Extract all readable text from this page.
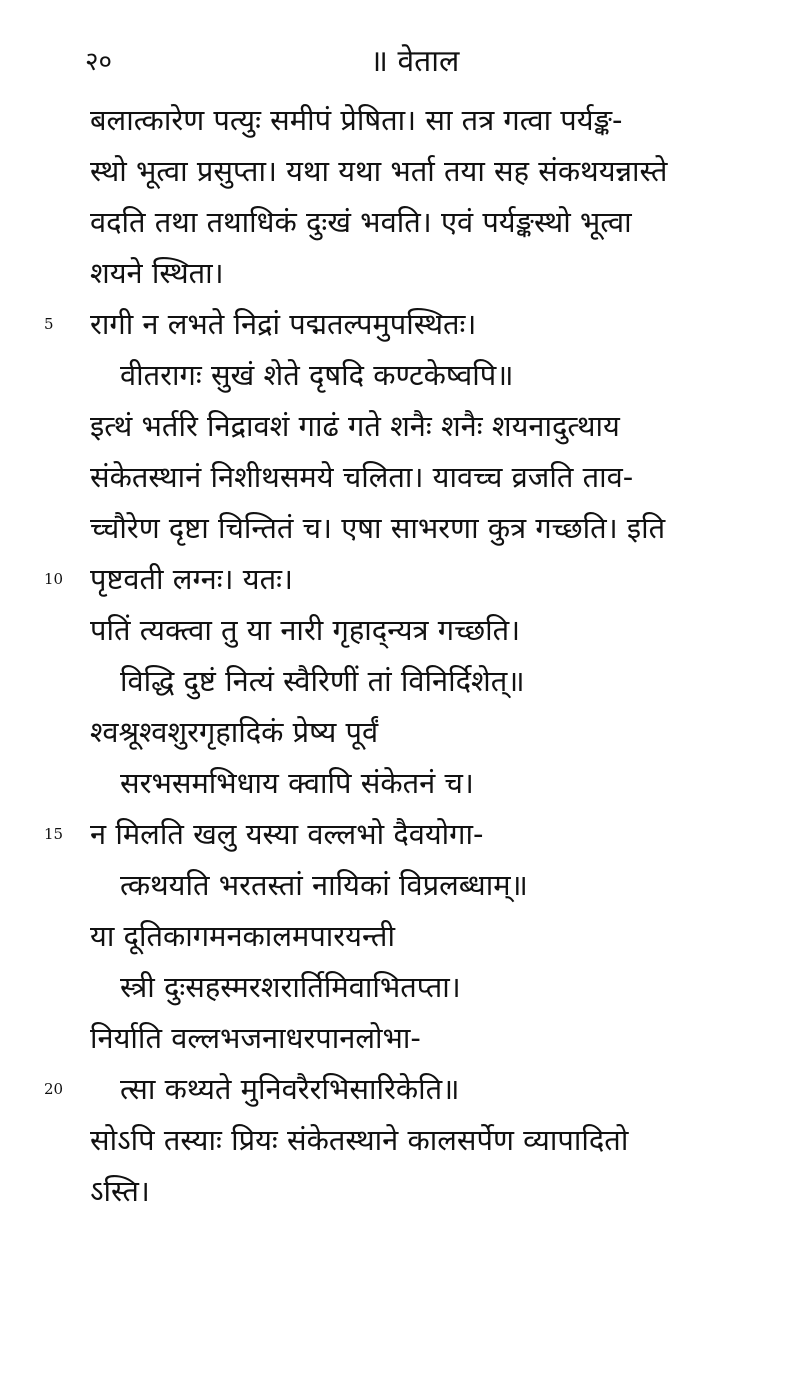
२०	॥ वेताल
बलात्कारेण पत्युः समीपं प्रेषिता। सा तत्र गत्वा पर्यङ्क-
स्थो भूत्वा प्रसुप्ता। यथा यथा भर्ता तया सह संकथयन्नास्ते
वदति तथा तथाधिकं दुःखं भवति। एवं पर्यङ्कस्थो भूत्वा
शयने स्थिता।
5 रागी न लभते निद्रां पद्मतल्पमुपस्थितः।
वीतरागः सुखं शेते दृषदि कण्टकेष्वपि॥
इत्थं भर्तरि निद्रावशं गाढं गते शनैः शनैः शयनादुत्थाय
संकेतस्थानं निशीथसमये चलिता। यावच्च व्रजति ताव-
च्चौरेण दृष्टा चिन्तितं च। एषा साभरणा कुत्र गच्छति। इति
10 पृष्टवती लग्नः। यतः।
पतिं त्यक्त्वा तु या नारी गृहाद्न्यत्र गच्छति।
विद्धि दुष्टं नित्यं स्वैरिणीं तां विनिर्दिशेत्॥
श्वश्रूश्वशुरगृहादिकं प्रेष्य पूर्वं
सरभसमभिधाय क्वापि संकेतनं च।
15 न मिलति खलु यस्या वल्लभो दैवयोगा-
त्कथयति भरतस्तां नायिकां विप्रलब्धाम्॥
या दूतिकागमनकालमपारयन्ती
स्त्री दुःसहस्मरशरार्तिमिवाभितप्ता।
निर्याति वल्लभजनाधरपानलोभा-
20 त्सा कथ्यते मुनिवरैरभिसारिकेति॥
सोऽपि तस्याः प्रियः संकेतस्थाने कालसर्पेण व्यापादितो
ऽस्ति।
